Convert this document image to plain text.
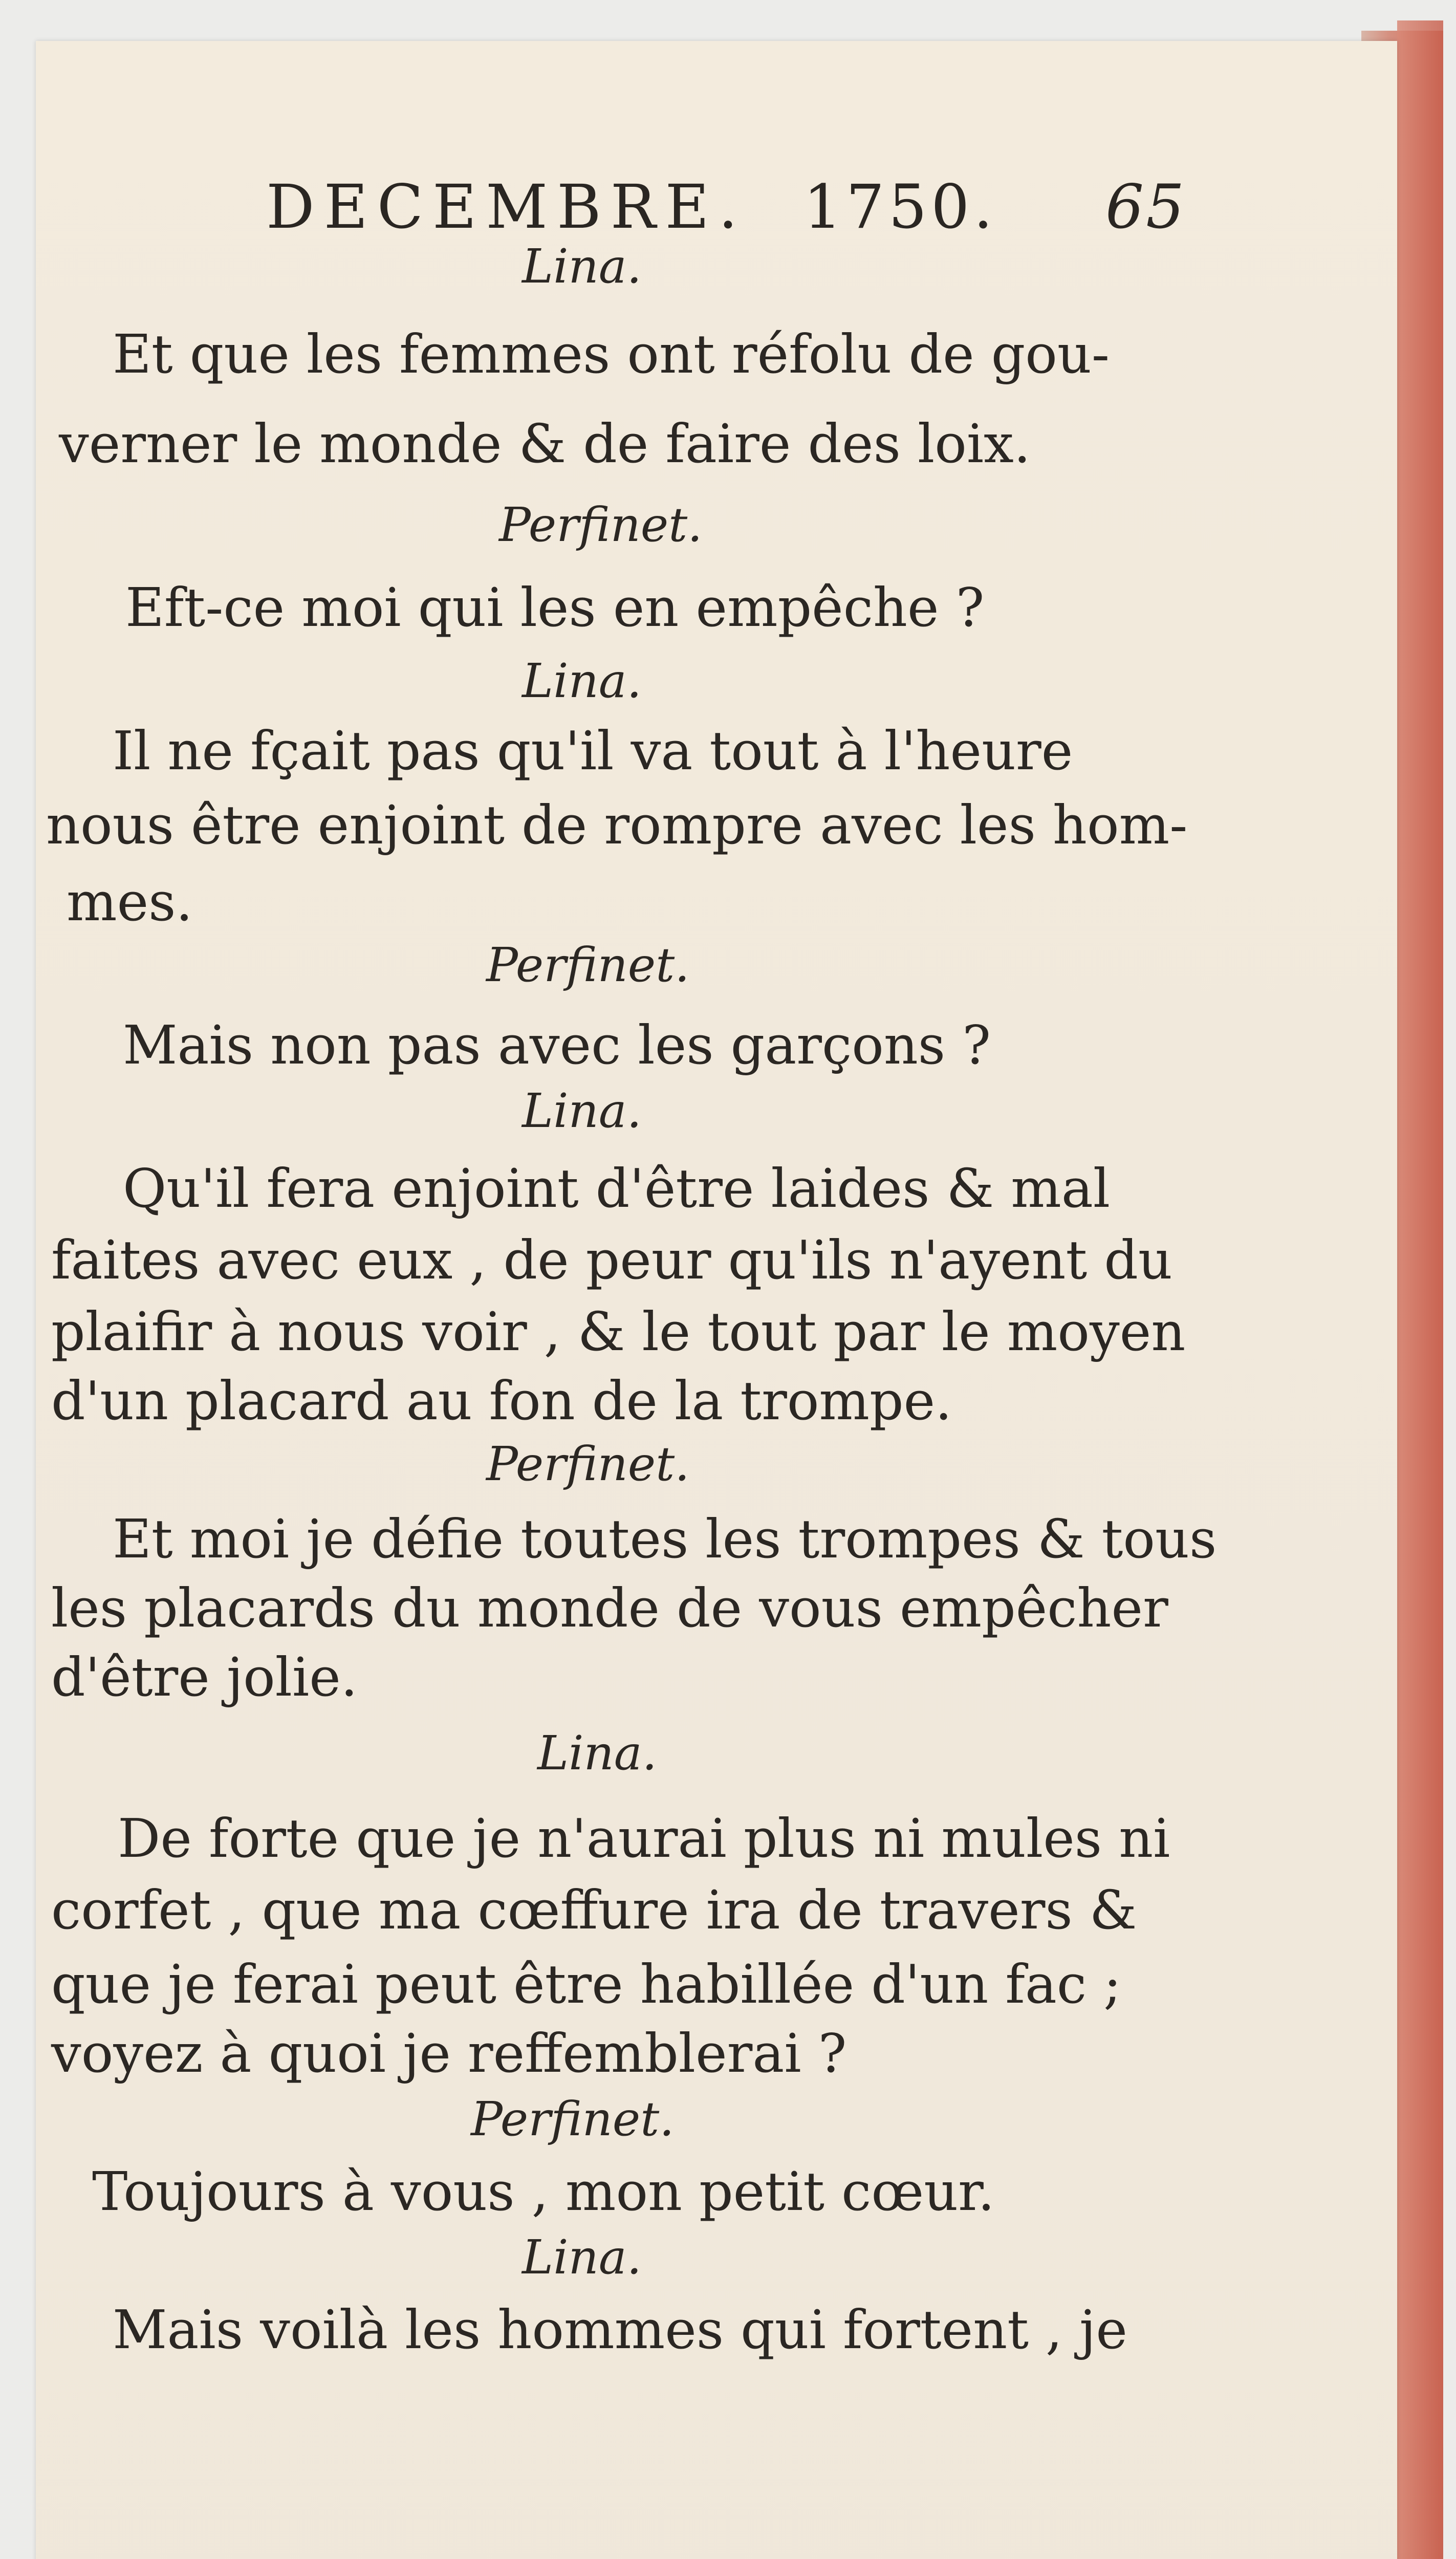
DECEMBRE. 1750. 65
Lina.
Et que les femmes ont réfolu de gou-
verner le monde & de faire des loix.
Perfinet.
Eft-ce moi qui les en empêche ?
Lina.
Il ne fçait pas qu'il va tout à l'heure
nous être enjoint de rompre avec les hom-
mes.
Perfinet.
Mais non pas avec les garçons ?
Lina.
Qu'il fera enjoint d'être laides & mal
faites avec eux , de peur qu'ils n'ayent du
plaifir à nous voir , & le tout par le moyen
d'un placard au fon de la trompe.
Perfinet.
Et moi je défie toutes les trompes & tous
les placards du monde de vous empêcher
d'être jolie.
Lina.
De forte que je n'aurai plus ni mules ni
corfet , que ma cœffure ira de travers &
que je ferai peut être habillée d'un fac ;
voyez à quoi je reffemblerai ?
Perfinet.
Toujours à vous , mon petit cœur.
Lina.
Mais voilà les hommes qui fortent , je
